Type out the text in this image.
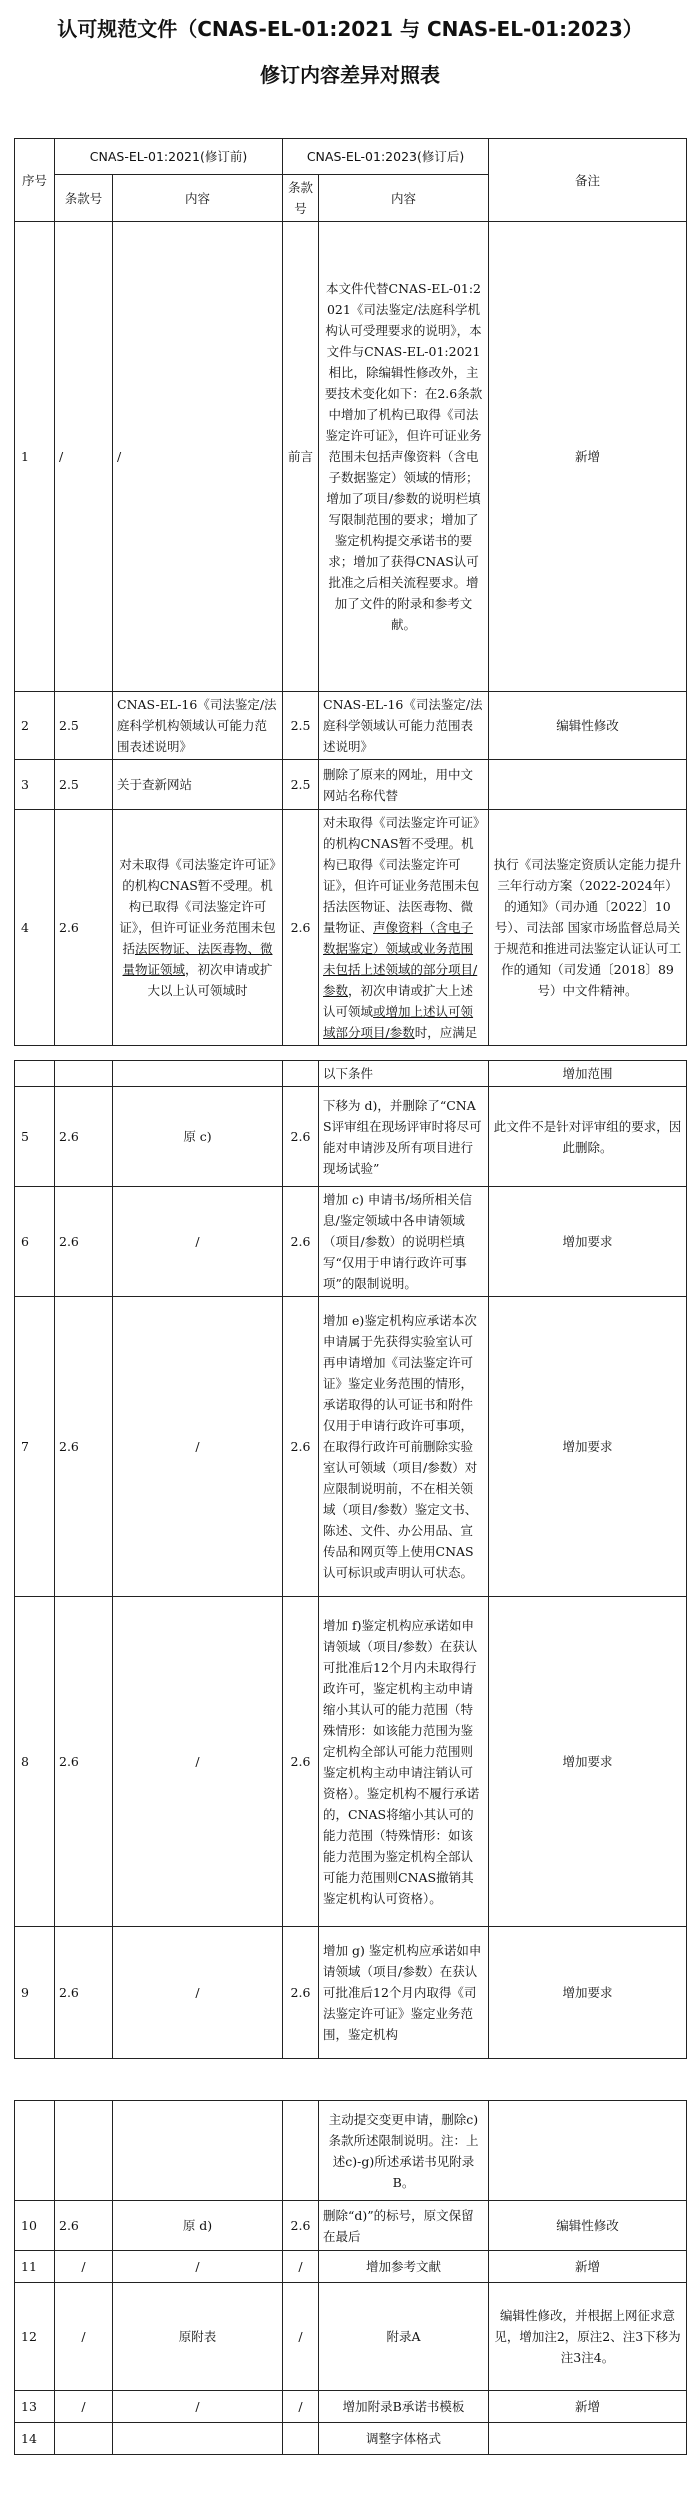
认可规范文件（CNAS-EL-01:2021 与 CNAS-EL-01:2023）
修订内容差异对照表
序号	CNAS-EL-01:2021(修订前)		CNAS-EL-01:2023(修订后)		备注
	条款号	内容	条款号	内容	
1	/	/	前言	本文件代替CNAS-EL-01:2021《司法鉴定/法庭科学机构认可受理要求的说明》，本文件与CNAS-EL-01:2021相比，除编辑性修改外，主要技术变化如下：在2.6条款中增加了机构已取得《司法鉴定许可证》，但许可证业务范围未包括声像资料（含电子数据鉴定）领域的情形；增加了项目/参数的说明栏填写限制范围的要求；增加了鉴定机构提交承诺书的要求；增加了获得CNAS认可批准之后相关流程要求。增加了文件的附录和参考文献。	新增
2	2.5	CNAS-EL-16《司法鉴定/法庭科学机构领域认可能力范围表述说明》	2.5	CNAS-EL-16《司法鉴定/法庭科学领域认可能力范围表述说明》	编辑性修改
3	2.5	关于查新网站	2.5	删除了原来的网址，用中文网站名称代替	
4	2.6	对未取得《司法鉴定许可证》的机构CNAS暂不受理。机构已取得《司法鉴定许可证》，但许可证业务范围未包括法医物证、法医毒物、微量物证领域，初次申请或扩大以上认可领域时	2.6	对未取得《司法鉴定许可证》的机构CNAS暂不受理。机构已取得《司法鉴定许可证》，但许可证业务范围未包括法医物证、法医毒物、微量物证、声像资料（含电子数据鉴定）领域或业务范围未包括上述领域的部分项目/参数，初次申请或扩大上述认可领域或增加上述认可领域部分项目/参数时，应满足	执行《司法鉴定资质认定能力提升三年行动方案（2022-2024年）的通知》（司办通〔2022〕10号）、司法部 国家市场监督总局关于规范和推进司法鉴定认证认可工作的通知（司发通〔2018〕89号）中文件精神。
				以下条件	增加范围
5	2.6	原 c)	2.6	下移为 d)，并删除了“CNAS评审组在现场评审时将尽可能对申请涉及所有项目进行现场试验”	此文件不是针对评审组的要求，因此删除。
6	2.6	/	2.6	增加 c) 申请书/场所相关信息/鉴定领域中各申请领域（项目/参数）的说明栏填写“仅用于申请行政许可事项”的限制说明。	增加要求
7	2.6	/	2.6	增加 e)鉴定机构应承诺本次申请属于先获得实验室认可再申请增加《司法鉴定许可证》鉴定业务范围的情形，承诺取得的认可证书和附件仅用于申请行政许可事项，在取得行政许可前删除实验室认可领域（项目/参数）对应限制说明前，不在相关领域（项目/参数）鉴定文书、陈述、文件、办公用品、宣传品和网页等上使用CNAS认可标识或声明认可状态。	增加要求
8	2.6	/	2.6	增加 f)鉴定机构应承诺如申请领域（项目/参数）在获认可批准后12个月内未取得行政许可，鉴定机构主动申请缩小其认可的能力范围（特殊情形：如该能力范围为鉴定机构全部认可能力范围则鉴定机构主动申请注销认可资格）。鉴定机构不履行承诺的，CNAS将缩小其认可的能力范围（特殊情形：如该能力范围为鉴定机构全部认可能力范围则CNAS撤销其鉴定机构认可资格）。	增加要求
9	2.6	/	2.6	增加 g) 鉴定机构应承诺如申请领域（项目/参数）在获认可批准后12个月内取得《司法鉴定许可证》鉴定业务范围，鉴定机构	增加要求
				主动提交变更申请，删除c)条款所述限制说明。注：上述c)-g)所述承诺书见附录B。	
10	2.6	原 d)	2.6	删除“d)”的标号，原文保留在最后	编辑性修改
11	/	/	/	增加参考文献	新增
12	/	原附表	/	附录A	编辑性修改，并根据上网征求意见，增加注2，原注2、注3下移为注3注4。
13	/	/	/	增加附录B承诺书模板	新增
14				调整字体格式	
